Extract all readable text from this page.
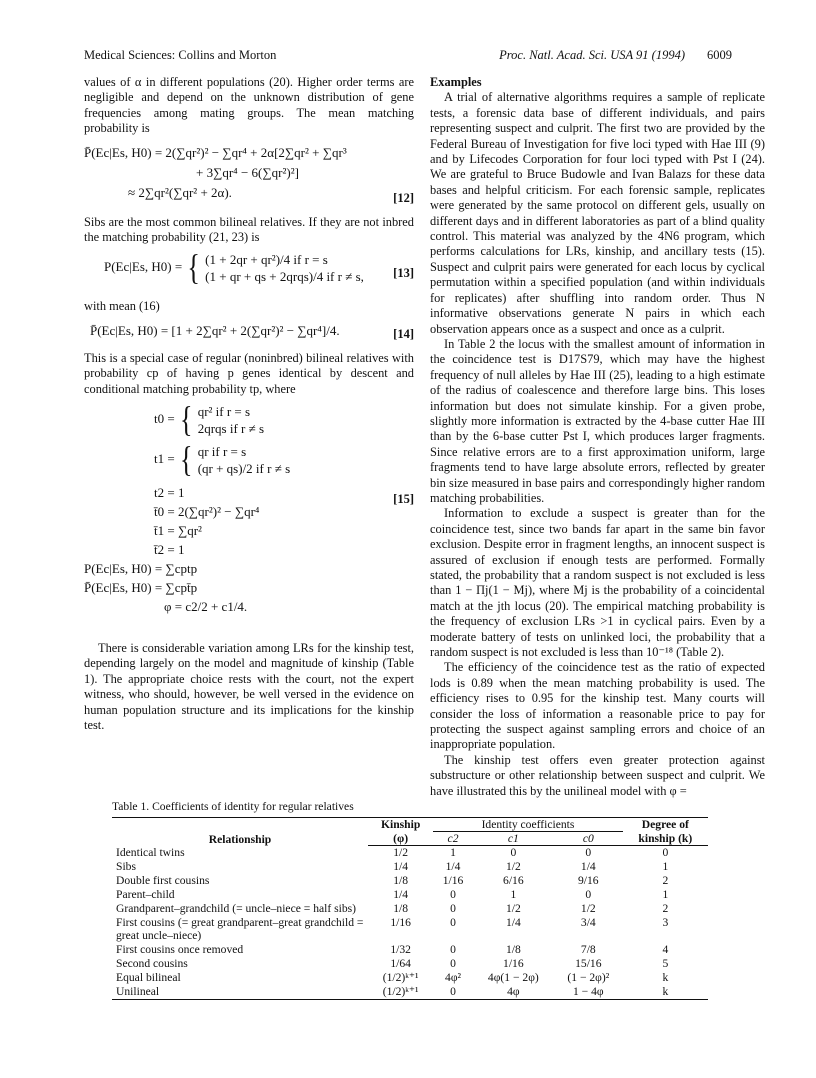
Medical Sciences: Collins and Morton	Proc. Natl. Acad. Sci. USA 91 (1994) 6009

values of α in different populations (20). Higher order terms are negligible and depend on the unknown distribution of gene frequencies among mating groups. The mean matching probability is

P̄(Ec|Es, H0) = 2(∑qr²)² − ∑qr⁴ + 2α[2∑qr² + ∑qr³
+ 3∑qr⁴ − 6(∑qr²)²]
≈ 2∑qr²(∑qr² + 2α).	[12]

Sibs are the most common bilineal relatives. If they are not inbred the matching probability (21, 23) is

P(Ec|Es, H0) = { (1 + 2qr + qr²)/4 if r = s
(1 + qr + qs + 2qrqs)/4 if r ≠ s, [13]

with mean (16)

P̄(Ec|Es, H0) = [1 + 2∑qr² + 2(∑qr²)² − ∑qr⁴]/4.	[14]

This is a special case of regular (noninbred) bilineal relatives with probability cp of having p genes identical by descent and conditional matching probability tp, where

t0 = { qr² if r = s
2qrqs if r ≠ s
t1 = { qr if r = s
(qr + qs)/2 if r ≠ s
t2 = 1
t̄0 = 2(∑qr²)² − ∑qr⁴
t̄1 = ∑qr²
t̄2 = 1
P(Ec|Es, H0) = ∑cptp
P̄(Ec|Es, H0) = ∑cpt̄p
φ = c2/2 + c1/4.
[15]

There is considerable variation among LRs for the kinship test, depending largely on the model and magnitude of kinship (Table 1). The appropriate choice rests with the court, not the expert witness, who should, however, be well versed in the evidence on human population structure and its implications for the kinship test.

Examples

A trial of alternative algorithms requires a sample of replicate tests, a forensic data base of different individuals, and pairs representing suspect and culprit. The first two are provided by the Federal Bureau of Investigation for five loci typed with Hae III (9) and by Lifecodes Corporation for four loci typed with Pst I (24). We are grateful to Bruce Budowle and Ivan Balazs for these data bases and helpful criticism. For each forensic sample, replicates were generated by the same protocol on different gels, usually on different days and in different laboratories as part of a blind quality control. This material was analyzed by the 4N6 program, which performs calculations for LRs, kinship, and ancillary tests (15). Suspect and culprit pairs were generated for each locus by cyclical permutation within a specified population (and within individuals for replicates) after shuffling into random order. Thus N informative observations generate N pairs in which each observation appears once as a suspect and once as a culprit.

In Table 2 the locus with the smallest amount of information in the coincidence test is D17S79, which may have the highest frequency of null alleles by Hae III (25), leading to a high estimate of the radius of coalescence and therefore large bins. This loses information but does not simulate kinship. For a given probe, slightly more information is extracted by the 4-base cutter Hae III than by the 6-base cutter Pst I, which produces larger fragments. Since relative errors are to a first approximation uniform, large fragments tend to have large absolute errors, reflected by greater bin size measured in base pairs and correspondingly higher random matching probabilities.

Information to exclude a suspect is greater than for the coincidence test, since two bands far apart in the same bin favor exclusion. Despite error in fragment lengths, an innocent suspect is assured of exclusion if enough tests are performed. Formally stated, the probability that a random suspect is not excluded is less than 1 − Πj(1 − Mj), where Mj is the probability of a coincidental match at the jth locus (20). The empirical matching probability is the frequency of exclusion LRs >1 in cyclical pairs. Even by a moderate battery of tests on unlinked loci, the probability that a random suspect is not excluded is less than 10⁻¹⁸ (Table 2).

The efficiency of the coincidence test as the ratio of expected lods is 0.89 when the mean matching probability is used. The efficiency rises to 0.95 for the kinship test. Many courts will consider the loss of information a reasonable price to pay for protecting the suspect against sampling errors and choice of an inappropriate population.

The kinship test offers even greater protection against substructure or other relationship between suspect and culprit. We have illustrated this by the unilineal model with φ =

Table 1. Coefficients of identity for regular relatives
Relationship	Kinship	Identity coefficients			Degree of
	(φ)	c2	c1	c0	kinship (k)
Identical twins	1/2	1	0	0	0
Sibs	1/4	1/4	1/2	1/4	1
Double first cousins	1/8	1/16	6/16	9/16	2
Parent–child	1/4	0	1	0	1
Grandparent–grandchild (= uncle–niece = half sibs)	1/8	0	1/2	1/2	2
First cousins (= great grandparent–great grandchild = great uncle–niece)	1/16	0	1/4	3/4	3
First cousins once removed	1/32	0	1/8	7/8	4
Second cousins	1/64	0	1/16	15/16	5
Equal bilineal	(1/2)ᵏ⁺¹	4φ²	4φ(1 − 2φ)	(1 − 2φ)²	k
Unilineal	(1/2)ᵏ⁺¹	0	4φ	1 − 4φ	k
